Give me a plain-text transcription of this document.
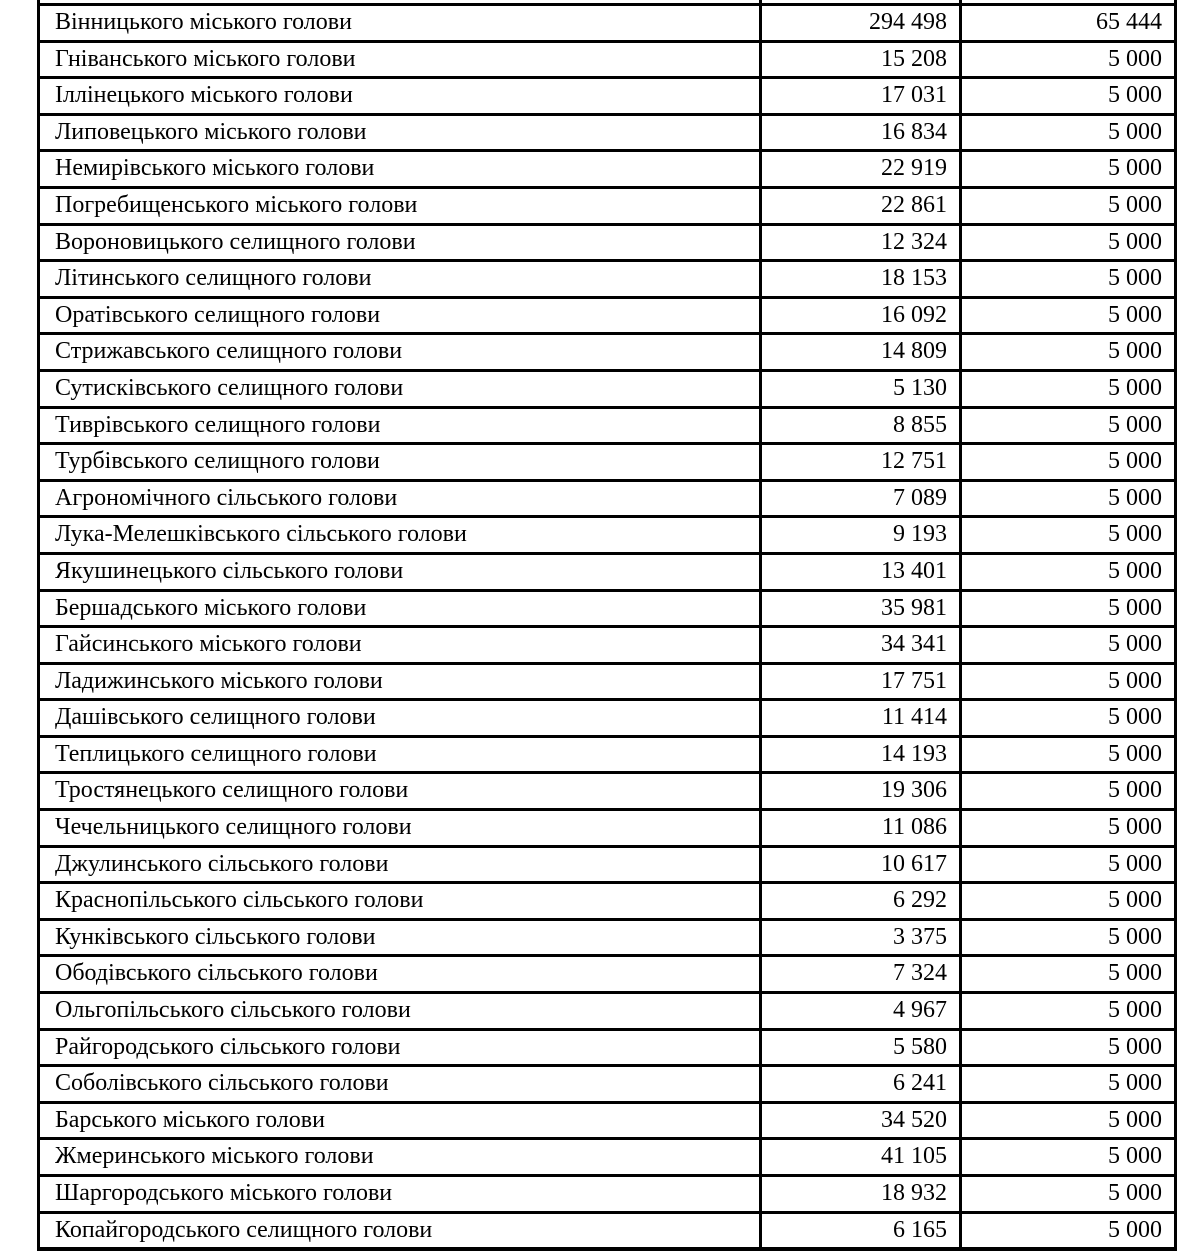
Вінницького міського голови	294 498	65 444
Гніванського міського голови	15 208	5 000
Іллінецького міського голови	17 031	5 000
Липовецького міського голови	16 834	5 000
Немирівського міського голови	22 919	5 000
Погребищенського міського голови	22 861	5 000
Вороновицького селищного голови	12 324	5 000
Літинського селищного голови	18 153	5 000
Оратівського селищного голови	16 092	5 000
Стрижавського селищного голови	14 809	5 000
Сутисківського селищного голови	5 130	5 000
Тиврівського селищного голови	8 855	5 000
Турбівського селищного голови	12 751	5 000
Агрономічного сільського голови	7 089	5 000
Лука-Мелешківського сільського голови	9 193	5 000
Якушинецького сільського голови	13 401	5 000
Бершадського міського голови	35 981	5 000
Гайсинського міського голови	34 341	5 000
Ладижинського міського голови	17 751	5 000
Дашівського селищного голови	11 414	5 000
Теплицького селищного голови	14 193	5 000
Тростянецького селищного голови	19 306	5 000
Чечельницького селищного голови	11 086	5 000
Джулинського сільського голови	10 617	5 000
Краснопільського сільського голови	6 292	5 000
Кунківського сільського голови	3 375	5 000
Ободівського сільського голови	7 324	5 000
Ольгопільського сільського голови	4 967	5 000
Райгородського сільського голови	5 580	5 000
Соболівського сільського голови	6 241	5 000
Барського міського голови	34 520	5 000
Жмеринського міського голови	41 105	5 000
Шаргородського міського голови	18 932	5 000
Копайгородського селищного голови	6 165	5 000
